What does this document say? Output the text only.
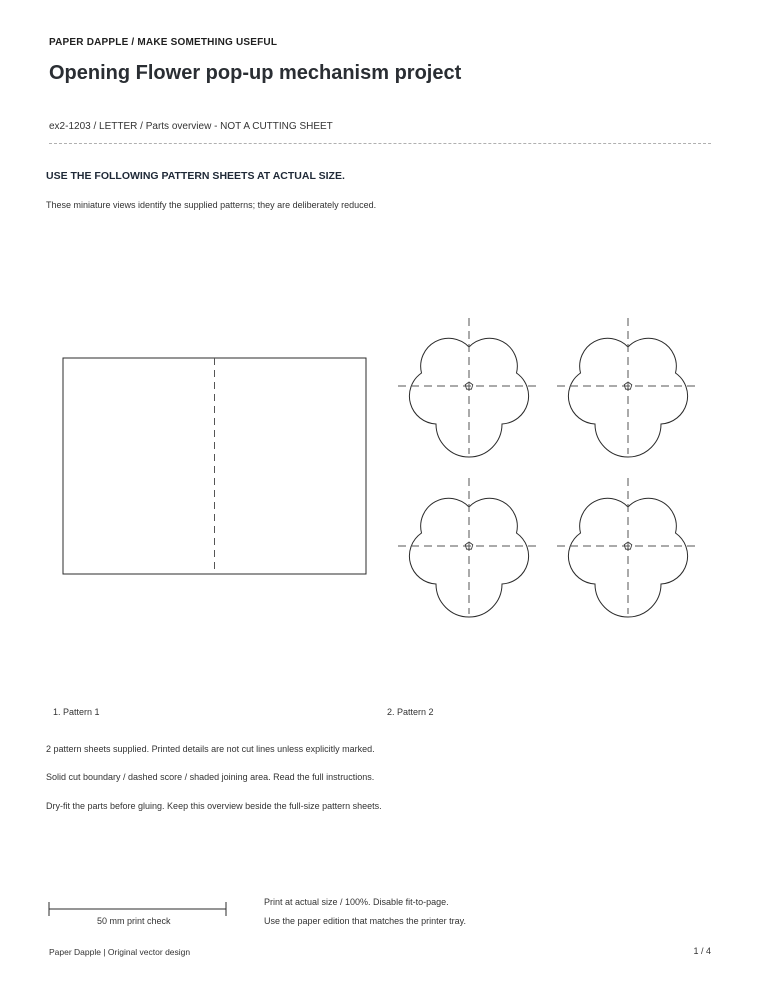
PAPER DAPPLE / MAKE SOMETHING USEFUL
Opening Flower pop-up mechanism project
ex2-1203 / LETTER / Parts overview - NOT A CUTTING SHEET
USE THE FOLLOWING PATTERN SHEETS AT ACTUAL SIZE.
These miniature views identify the supplied patterns; they are deliberately reduced.
1. Pattern 1	2. Pattern 2
2 pattern sheets supplied. Printed details are not cut lines unless explicitly marked.
Solid cut boundary / dashed score / shaded joining area. Read the full instructions.
Dry-fit the parts before gluing. Keep this overview beside the full-size pattern sheets.
50 mm print check
Print at actual size / 100%. Disable fit-to-page.
Use the paper edition that matches the printer tray.
Paper Dapple | Original vector design	1 / 4
